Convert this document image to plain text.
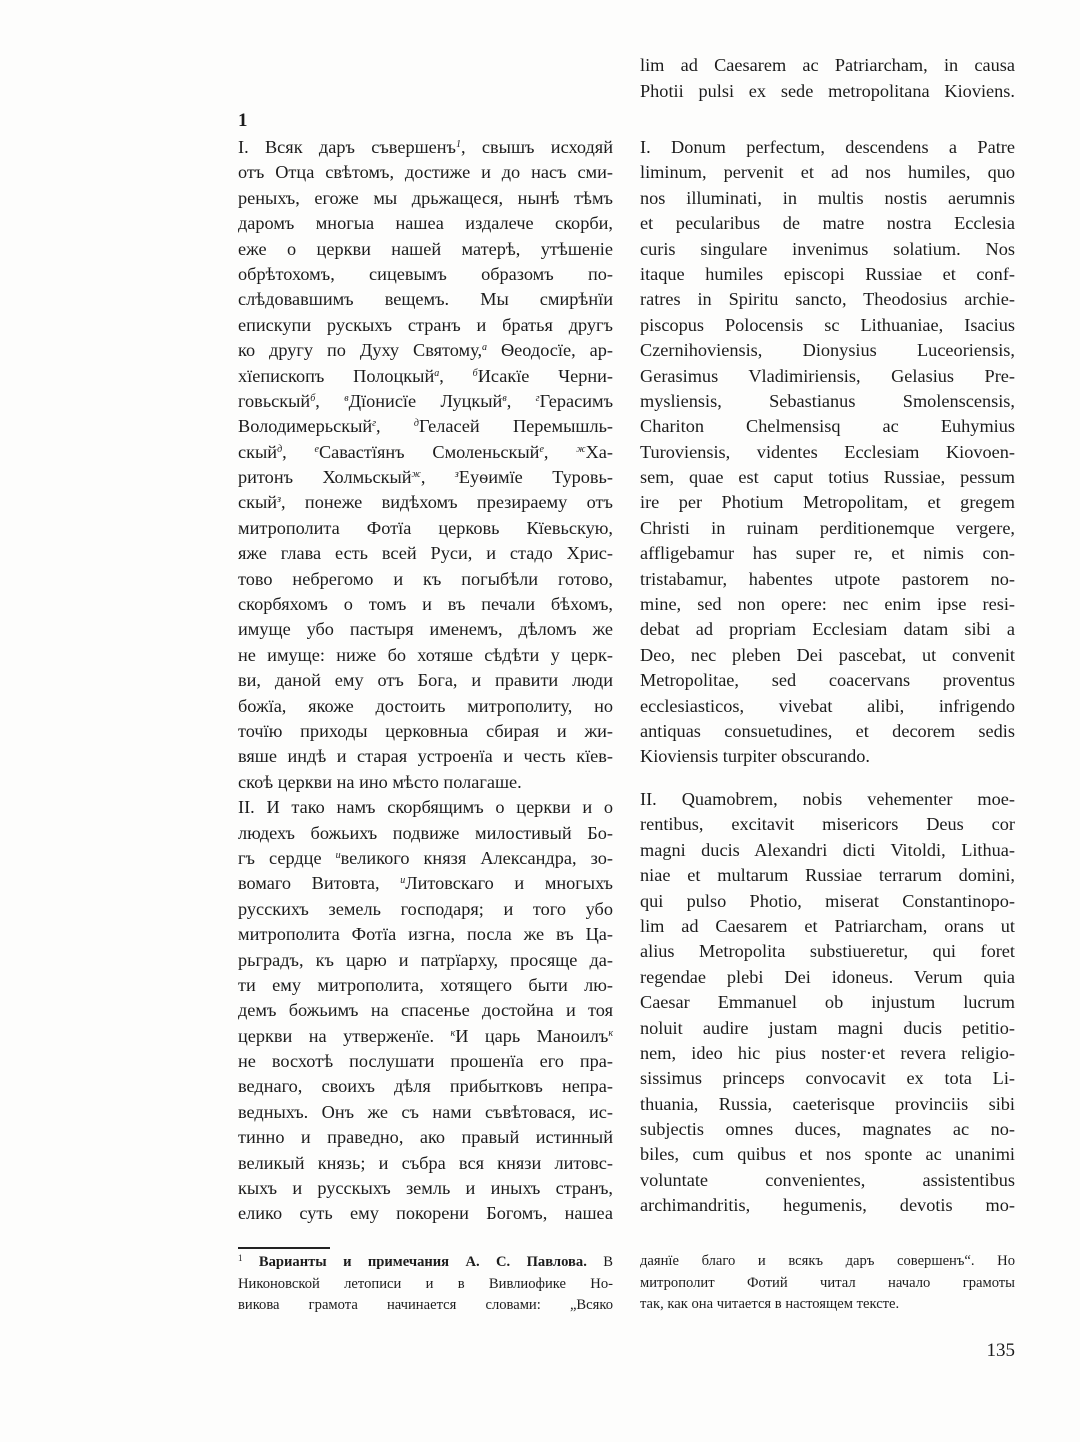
lim ad Caesarem ac Patriarcham, in causa
Photii pulsi ex sede metropolitana Kioviens.
1
I. Всяк даръ съвершенъ$^1$, свышъ исходяй
отъ Отца свѣтомъ, достиже и до насъ сми-
реныхъ, егоже мы дрьжащеся, нынѣ тѣмъ
даромъ многыа нашеа издалече скорби,
еже о церкви нашей матерѣ, утѣшеніе
обрѣтохомъ, сицевымъ образомъ по-
слѣдовавшимъ вещемъ. Мы смирѣнїи
епискупи рускыхъ странъ и братья другъ
ко другу по Духу Святому,$^а$ Ѳеодосїе, ар-
хїепископъ Полоцкый$^а$, $^б$Исакїе Черни-
говьскый$^б$, $^в$Дїонисїе Луцкый$^в$, $^г$Герасимъ
Володимерьскый$^г$, $^д$Геласей Перемышль-
скый$^д$, $^е$Савастїянъ Смоленьскый$^е$, $^ж$Ха-
ритонъ Холмьскый$^ж$, $^з$Еуѳимїе Туровь-
скый$^з$, понеже видѣхомъ презираему отъ
митрополита Фотїа церковь Кїевьскую,
яже глава есть всей Руси, и стадо Хрис-
тово небрегомо и къ погыбѣли готово,
скорбяхомъ о томъ и въ печали бѣхомъ,
имуще убо пастыря именемъ, дѣломъ же
не имуще: ниже бо хотяше сѣдѣти у церк-
ви, даной ему отъ Бога, и правити люди
божїа, якоже достоить митрополиту, но
точїю приходы церковныа сбирая и жи-
вяше индѣ и старая устроенїа и честь кїев-
скоѣ церкви на ино мѣсто полагаше.
II. И тако намъ скорбящимъ о церкви и о
людехъ божьихъ подвиже милостивый Бо-
гъ сердце $^и$великого князя Александра, зо-
вомаго Витовта, $^и$Литовскаго и многыхъ
русскихъ земель господаря; и того убо
митрополита Фотїа изгна, посла же въ Ца-
рьградъ, къ царю и патрїарху, просяще да-
ти ему митрополита, хотящего быти лю-
демъ божьимъ на спасенье достойна и тоя
церкви на утверженїе. $^к$И царь Маноилъ$^к$
не восхотѣ послушати прошенїа его пра-
веднаго, своихъ дѣля прибытковъ непра-
ведныхъ. Онъ же съ нами съвѣтовася, ис-
тинно и праведно, ако правый истинный
великый князь; и събра вся князи литовс-
кыхъ и русскыхъ земль и иныхъ странъ,
елико суть ему покорени Богомъ, нашеа
I. Donum perfectum, descendens a Patre
liminum, pervenit et ad nos humiles, quo
nos illuminati, in multis nostis aerumnis
et pecularibus de matre nostra Ecclesia
curis singulare invenimus solatium. Nos
itaque humiles episcopi Russiae et conf-
ratres in Spiritu sancto, Theodosius archie-
piscopus Polocensis sc Lithuaniae, Isacius
Czernihoviensis, Dionysius Luceoriensis,
Gerasimus Vladimiriensis, Gelasius Pre-
mysliensis, Sebastianus Smolenscensis,
Chariton Chelmensisq ac Euhymius
Turoviensis, videntes Ecclesiam Kiovoen-
sem, quae est caput totius Russiae, pessum
ire per Photium Metropolitam, et gregem
Christi in ruinam perditionemque vergere,
affligebamur has super re, et nimis con-
tristabamur, habentes utpote pastorem no-
mine, sed non opere: nec enim ipse resi-
debat ad propriam Ecclesiam datam sibi a
Deo, nec pleben Dei pascebat, ut convenit
Metropolitae, sed coacervans proventus
ecclesiasticos, vivebat alibi, infrigendo
antiquas consuetudines, et decorem sedis
Kioviensis turpiter obscurando.
II. Quamobrem, nobis vehementer moe-
rentibus, excitavit misericors Deus cor
magni ducis Alexandri dicti Vitoldi, Lithua-
niae et multarum Russiae terrarum domini,
qui pulso Photio, miserat Constantinopo-
lim ad Caesarem et Patriarcham, orans ut
alius Metropolita substiueretur, qui foret
regendae plebi Dei idoneus. Verum quia
Caesar Emmanuel ob injustum lucrum
noluit audire justam magni ducis petitio-
nem, ideo hic pius noster·et revera religio-
sissimus princeps convocavit ex tota Li-
thuania, Russia, caeterisque provinciis sibi
subjectis omnes duces, magnates ac no-
biles, cum quibus et nos sponte ac unanimi
voluntate convenientes, assistentibus
archimandritis, hegumenis, devotis mo-
$^1$ Варианты и примечания А. С. Павлова. В
Никоновской летописи и в Вивлиофике Но-
викова грамота начинается словами: „Всяко
даянїе благо и всякъ даръ совершенъ“. Но
митрополит Фотий читал начало грамоты
так, как она читается в настоящем тексте.
135
